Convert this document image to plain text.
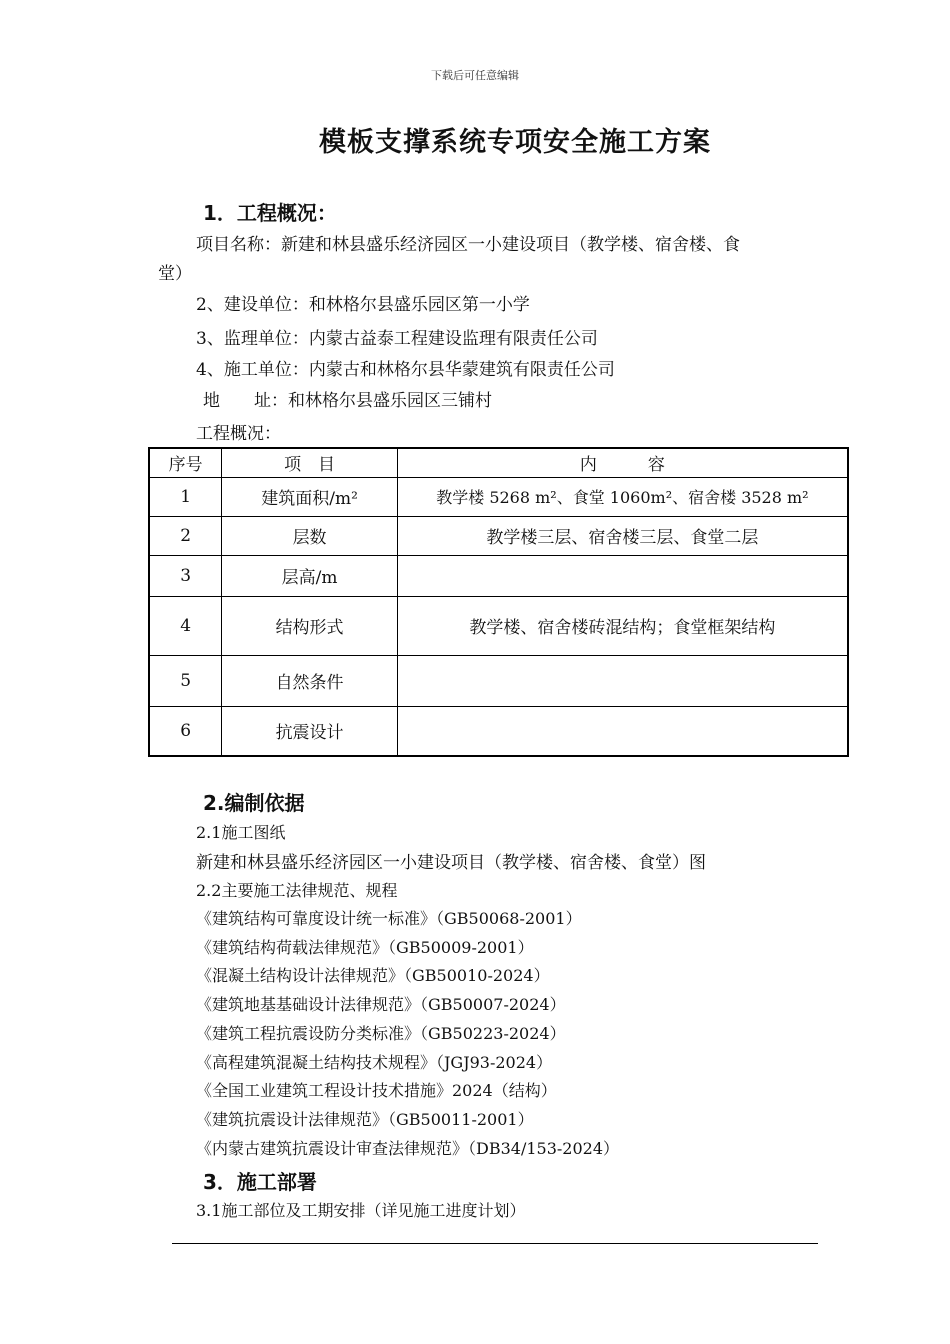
下载后可任意编辑
模板支撑系统专项安全施工方案
1．工程概况：
项目名称：新建和林县盛乐经济园区一小建设项目（教学楼、宿舍楼、食
堂）
2、建设单位：和林格尔县盛乐园区第一小学
3、监理单位：内蒙古益泰工程建设监理有限责任公司
4、施工单位：内蒙古和林格尔县华蒙建筑有限责任公司
地　　址：和林格尔县盛乐园区三铺村
工程概况：
序号	项　目	内　　　容
1	建筑面积/m²	教学楼 5268 m²、食堂 1060m²、宿舍楼 3528 m²
2	层数	教学楼三层、宿舍楼三层、食堂二层
3	层高/m	
4	结构形式	教学楼、宿舍楼砖混结构；食堂框架结构
5	自然条件	
6	抗震设计	
2.编制依据
2.1施工图纸
新建和林县盛乐经济园区一小建设项目（教学楼、宿舍楼、食堂）图
2.2主要施工法律规范、规程
《建筑结构可靠度设计统一标准》（GB50068-2001）
《建筑结构荷载法律规范》（GB50009-2001）
《混凝土结构设计法律规范》（GB50010-2024）
《建筑地基基础设计法律规范》（GB50007-2024）
《建筑工程抗震设防分类标准》（GB50223-2024）
《高程建筑混凝土结构技术规程》（JGJ93-2024）
《全国工业建筑工程设计技术措施》2024（结构）
《建筑抗震设计法律规范》（GB50011-2001）
《内蒙古建筑抗震设计审查法律规范》（DB34/153-2024）
3．施工部署
3.1施工部位及工期安排（详见施工进度计划）
